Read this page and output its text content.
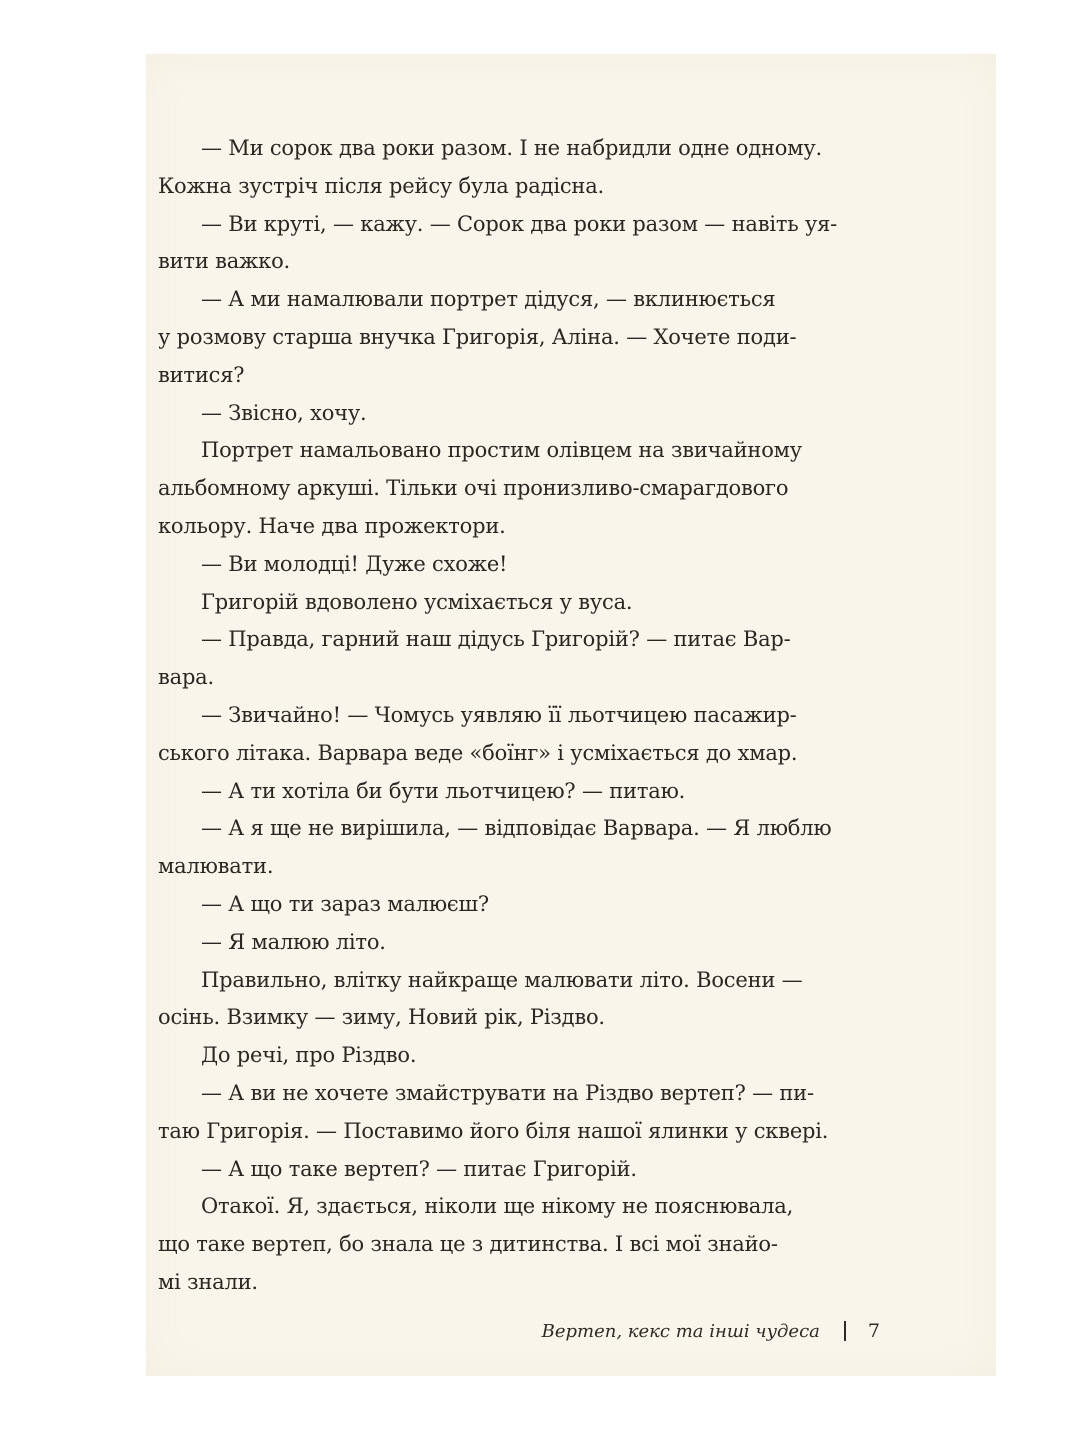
— Ми сорок два роки разом. І не набридли одне одному.
Кожна зустріч після рейсу була радісна.
— Ви круті, — кажу. — Сорок два роки разом — навіть уя-
вити важко.
— А ми намалювали портрет дідуся, — вклинюється
у розмову старша внучка Григорія, Аліна. — Хочете поди-
витися?
— Звісно, хочу.
Портрет намальовано простим олівцем на звичайному
альбомному аркуші. Тільки очі пронизливо-смарагдового
кольору. Наче два прожектори.
— Ви молодці! Дуже схоже!
Григорій вдоволено усміхається у вуса.
— Правда, гарний наш дідусь Григорій? — питає Вар-
вара.
— Звичайно! — Чомусь уявляю її льотчицею пасажир-
ського літака. Варвара веде «боїнг» і усміхається до хмар.
— А ти хотіла би бути льотчицею? — питаю.
— А я ще не вирішила, — відповідає Варвара. — Я люблю
малювати.
— А що ти зараз малюєш?
— Я малюю літо.
Правильно, влітку найкраще малювати літо. Восени —
осінь. Взимку — зиму, Новий рік, Різдво.
До речі, про Різдво.
— А ви не хочете змайструвати на Різдво вертеп? — пи-
таю Григорія. — Поставимо його біля нашої ялинки у сквері.
— А що таке вертеп? — питає Григорій.
Отакої. Я, здається, ніколи ще нікому не пояснювала,
що таке вертеп, бо знала це з дитинства. І всі мої знайо-
мі знали.
Вертеп, кекс та інші чудеса	7
